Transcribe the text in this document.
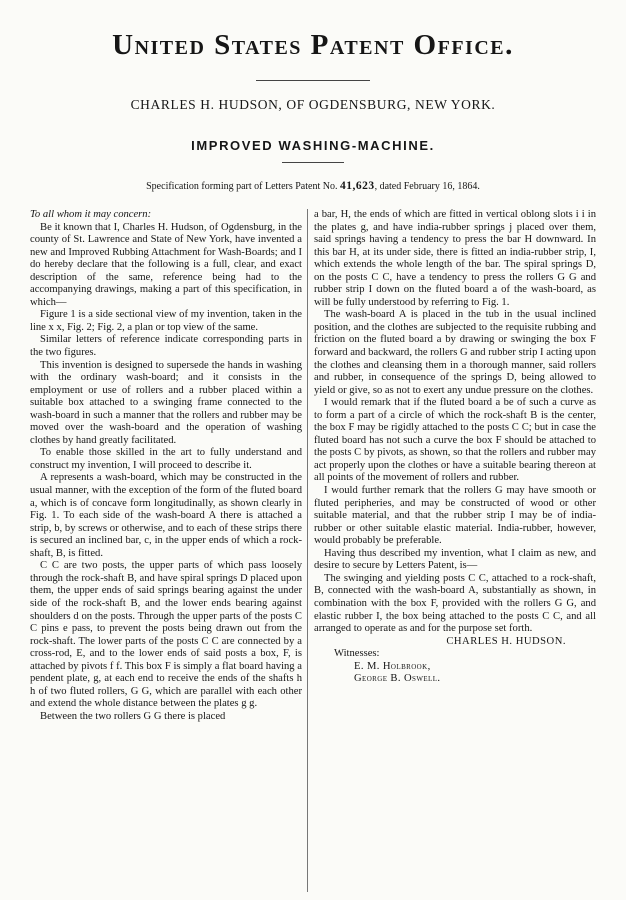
United States Patent Office.
CHARLES H. HUDSON, OF OGDENSBURG, NEW YORK.
IMPROVED WASHING-MACHINE.
Specification forming part of Letters Patent No. 41,623, dated February 16, 1864.

To all whom it may concern:

Be it known that I, Charles H. Hudson, of Ogdensburg, in the county of St. Lawrence and State of New York, have invented a new and Improved Rubbing Attachment for Wash-Boards; and I do hereby declare that the following is a full, clear, and exact description of the same, reference being had to the accompanying drawings, making a part of this specification, in which—

Figure 1 is a side sectional view of my invention, taken in the line x x, Fig. 2; Fig. 2, a plan or top view of the same.

Similar letters of reference indicate corresponding parts in the two figures.

This invention is designed to supersede the hands in washing with the ordinary wash-board; and it consists in the employment or use of rollers and a rubber placed within a suitable box attached to a swinging frame connected to the wash-board in such a manner that the rollers and rubber may be moved over the wash-board and the operation of washing clothes by hand greatly facilitated.

To enable those skilled in the art to fully understand and construct my invention, I will proceed to describe it.

A represents a wash-board, which may be constructed in the usual manner, with the exception of the form of the fluted board a, which is of concave form longitudinally, as shown clearly in Fig. 1. To each side of the wash-board A there is attached a strip, b, by screws or otherwise, and to each of these strips there is secured an inclined bar, c, in the upper ends of which a rock-shaft, B, is fitted.

C C are two posts, the upper parts of which pass loosely through the rock-shaft B, and have spiral springs D placed upon them, the upper ends of said springs bearing against the under side of the rock-shaft B, and the lower ends bearing against shoulders d on the posts. Through the upper parts of the posts C C pins e pass, to prevent the posts being drawn out from the rock-shaft. The lower parts of the posts C C are connected by a cross-rod, E, and to the lower ends of said posts a box, F, is attached by pivots f f. This box F is simply a flat board having a pendent plate, g, at each end to receive the ends of the shafts h h of two fluted rollers, G G, which are parallel with each other and extend the whole distance between the plates g g.

Between the two rollers G G there is placed

a bar, H, the ends of which are fitted in vertical oblong slots i i in the plates g, and have india-rubber springs j placed over them, said springs having a tendency to press the bar H downward. In this bar H, at its under side, there is fitted an india-rubber strip, I, which extends the whole length of the bar. The spiral springs D, on the posts C C, have a tendency to press the rollers G G and rubber strip I down on the fluted board a of the wash-board, as will be fully understood by referring to Fig. 1.

The wash-board A is placed in the tub in the usual inclined position, and the clothes are subjected to the requisite rubbing and friction on the fluted board a by drawing or swinging the box F forward and backward, the rollers G and rubber strip I acting upon the clothes and cleansing them in a thorough manner, said rollers and rubber, in consequence of the springs D, being allowed to yield or give, so as not to exert any undue pressure on the clothes.

I would remark that if the fluted board a be of such a curve as to form a part of a circle of which the rock-shaft B is the center, the box F may be rigidly attached to the posts C C; but in case the fluted board has not such a curve the box F should be attached to the posts C by pivots, as shown, so that the rollers and rubber may act properly upon the clothes or have a suitable bearing thereon at all points of the movement of rollers and rubber.

I would further remark that the rollers G may have smooth or fluted peripheries, and may be constructed of wood or other suitable material, and that the rubber strip I may be of india-rubber or other suitable elastic material. India-rubber, however, would probably be preferable.

Having thus described my invention, what I claim as new, and desire to secure by Letters Patent, is—

The swinging and yielding posts C C, attached to a rock-shaft, B, connected with the wash-board A, substantially as shown, in combination with the box F, provided with the rollers G G, and elastic rubber I, the box being attached to the posts C C, and all arranged to operate as and for the purpose set forth.

CHARLES H. HUDSON.

Witnesses:

E. M. Holbrook,

George B. Oswell.
